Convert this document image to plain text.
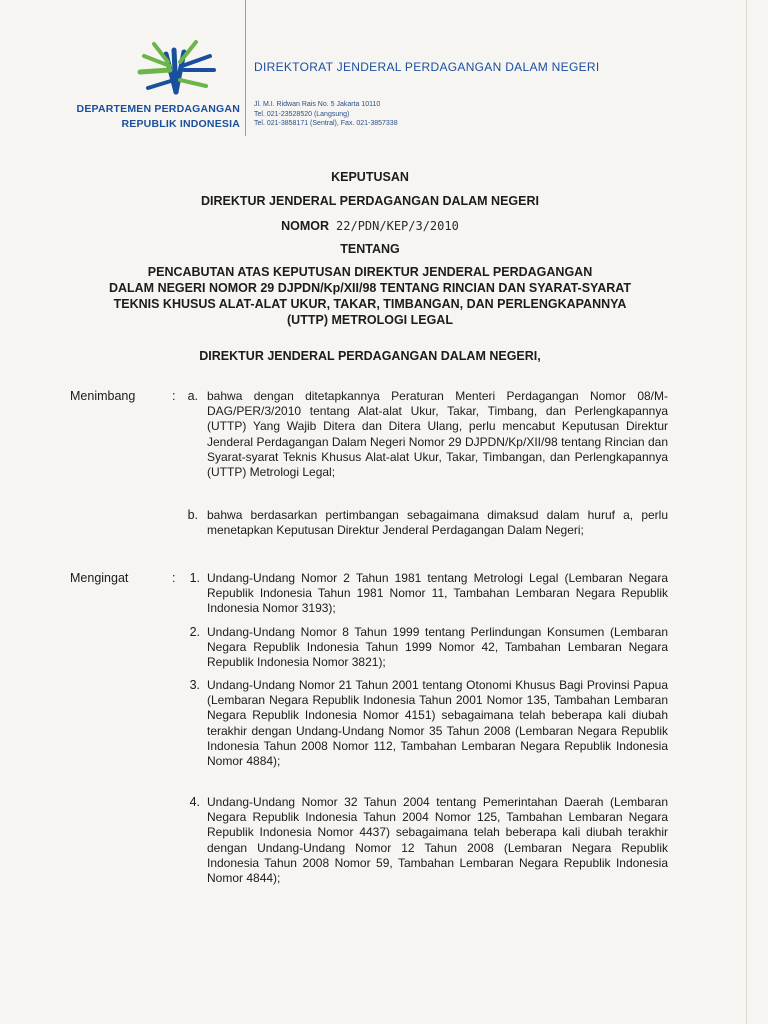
DEPARTEMEN PERDAGANGAN
REPUBLIK INDONESIA
DIREKTORAT JENDERAL PERDAGANGAN DALAM NEGERI
Jl. M.I. Ridwan Rais No. 5 Jakarta 10110
Tel. 021-23528520 (Langsung)
Tel. 021-3858171 (Sentral), Fax. 021-3857338
KEPUTUSAN
DIREKTUR JENDERAL PERDAGANGAN DALAM NEGERI
NOMOR 22/PDN/KEP/3/2010
TENTANG
PENCABUTAN ATAS KEPUTUSAN DIREKTUR JENDERAL PERDAGANGAN
DALAM NEGERI NOMOR 29 DJPDN/Kp/XII/98 TENTANG RINCIAN DAN SYARAT-SYARAT
TEKNIS KHUSUS ALAT-ALAT UKUR, TAKAR, TIMBANGAN, DAN PERLENGKAPANNYA
(UTTP) METROLOGI LEGAL
DIREKTUR JENDERAL PERDAGANGAN DALAM NEGERI,
Menimbang	: a. bahwa dengan ditetapkannya Peraturan Menteri Perdagangan Nomor 08/M-DAG/PER/3/2010 tentang Alat-alat Ukur, Takar, Timbang, dan Perlengkapannya (UTTP) Yang Wajib Ditera dan Ditera Ulang, perlu mencabut Keputusan Direktur Jenderal Perdagangan Dalam Negeri Nomor 29 DJPDN/Kp/XII/98 tentang Rincian dan Syarat-syarat Teknis Khusus Alat-alat Ukur, Takar, Timbangan, dan Perlengkapannya (UTTP) Metrologi Legal;
b. bahwa berdasarkan pertimbangan sebagaimana dimaksud dalam huruf a, perlu menetapkan Keputusan Direktur Jenderal Perdagangan Dalam Negeri;
Mengingat	:	1. Undang-Undang Nomor 2 Tahun 1981 tentang Metrologi Legal (Lembaran Negara Republik Indonesia Tahun 1981 Nomor 11, Tambahan Lembaran Negara Republik Indonesia Nomor 3193);
2. Undang-Undang Nomor 8 Tahun 1999 tentang Perlindungan Konsumen (Lembaran Negara Republik Indonesia Tahun 1999 Nomor 42, Tambahan Lembaran Negara Republik Indonesia Nomor 3821);
3. Undang-Undang Nomor 21 Tahun 2001 tentang Otonomi Khusus Bagi Provinsi Papua (Lembaran Negara Republik Indonesia Tahun 2001 Nomor 135, Tambahan Lembaran Negara Republik Indonesia Nomor 4151) sebagaimana telah beberapa kali diubah terakhir dengan Undang-Undang Nomor 35 Tahun 2008 (Lembaran Negara Republik Indonesia Tahun 2008 Nomor 112, Tambahan Lembaran Negara Republik Indonesia Nomor 4884);
4. Undang-Undang Nomor 32 Tahun 2004 tentang Pemerintahan Daerah (Lembaran Negara Republik Indonesia Tahun 2004 Nomor 125, Tambahan Lembaran Negara Republik Indonesia Nomor 4437) sebagaimana telah beberapa kali diubah terakhir dengan Undang-Undang Nomor 12 Tahun 2008 (Lembaran Negara Republik Indonesia Tahun 2008 Nomor 59, Tambahan Lembaran Negara Republik Indonesia Nomor 4844);
